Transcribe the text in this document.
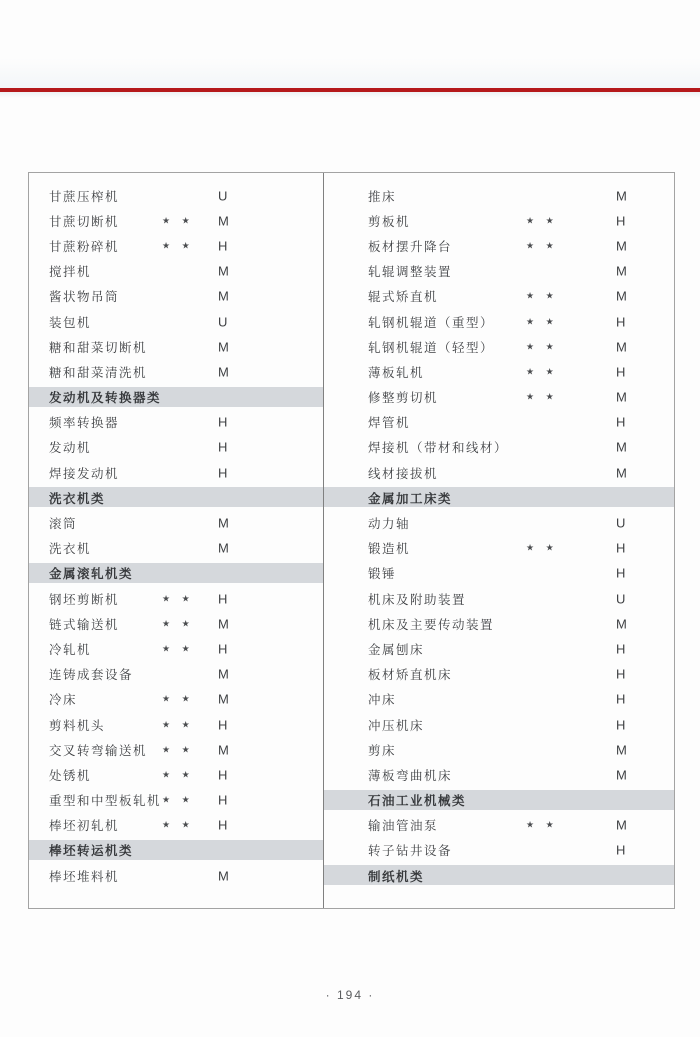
甘蔗压榨机	U
甘蔗切断机	★ ★ M
甘蔗粉碎机	★ ★ H
搅拌机	M
酱状物吊筒	M
装包机	U
糖和甜菜切断机	M
糖和甜菜清洗机	M
发动机及转换器类
频率转换器	H
发动机	H
焊接发动机	H
洗衣机类
滚筒	M
洗衣机	M
金属滚轧机类
钢坯剪断机	★ ★ H
链式输送机	★ ★ M
冷轧机	★ ★ H
连铸成套设备	M
冷床	★ ★ M
剪料机头	★ ★ H
交叉转弯输送机 ★ ★ M
处锈机	★ ★ H
重型和中型板轧机 ★ ★ H
棒坯初轧机	★ ★ H
棒坯转运机类
棒坯堆料机	M
推床	M
剪板机	★ ★	H
板材摆升降台	★ ★	M
轧辊调整装置	M
辊式矫直机	★ ★	M
轧钢机辊道（重型）	★ ★	H
轧钢机辊道（轻型）	★ ★	M
薄板轧机	★ ★	H
修整剪切机	★ ★	M
焊管机	H
焊接机（带材和线材）	M
线材接拔机	M
金属加工床类
动力轴	U
锻造机	★ ★	H
锻锤	H
机床及附助装置	U
机床及主要传动装置	M
金属刨床	H
板材矫直机床	H
冲床	H
冲压机床	H
剪床	M
薄板弯曲机床	M
石油工业机械类
输油管油泵	★ ★	M
转子钻井设备	H
制纸机类
· 194 ·
